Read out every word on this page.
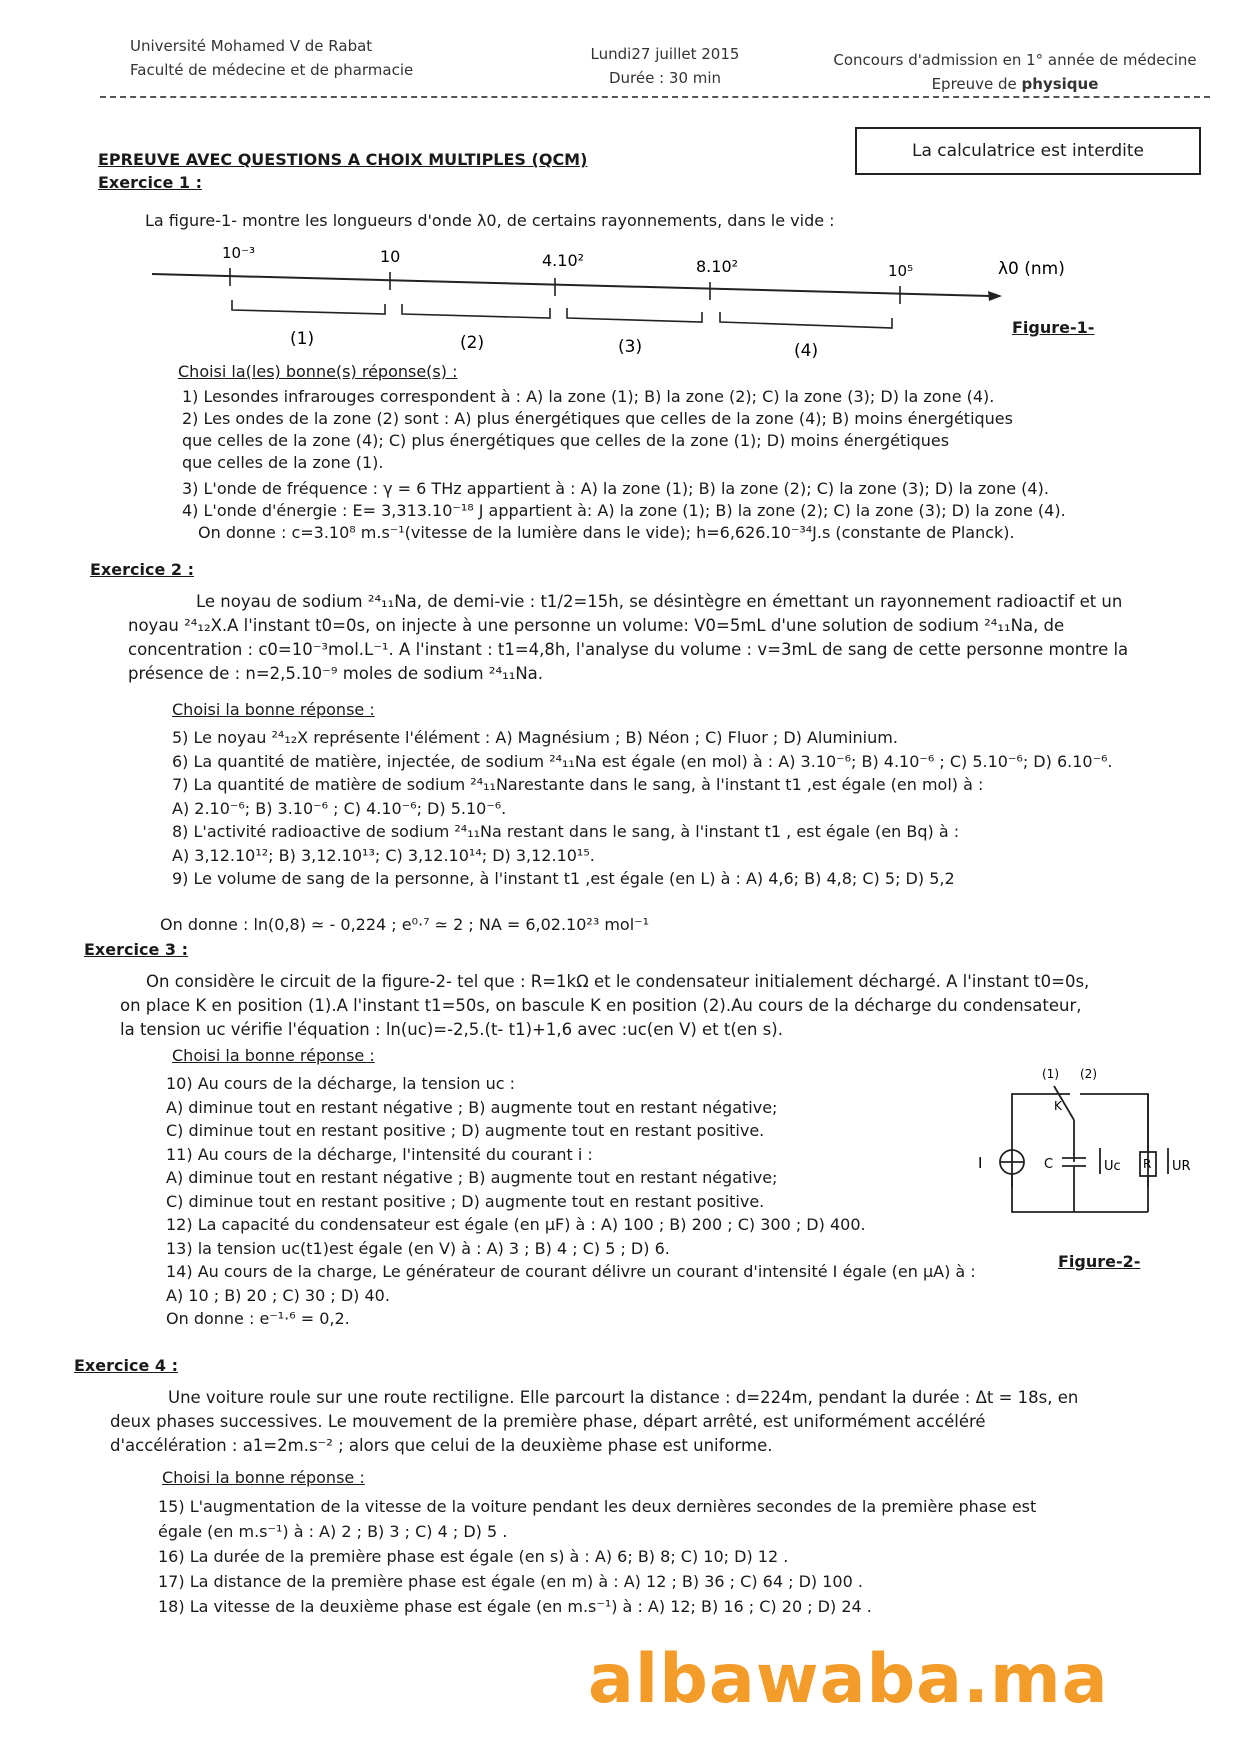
Université Mohamed V de Rabat
Faculté de médecine et de pharmacie
Lundi27 juillet 2015
Durée : 30 min
Concours d'admission en 1° année de médecine
Epreuve de physique
La calculatrice est interdite
EPREUVE AVEC QUESTIONS A CHOIX MULTIPLES (QCM)
Exercice 1 :
La figure-1- montre les longueurs d'onde λ0, de certains rayonnements, dans le vide :
10⁻³	10	4.10²	8.10²	10⁵	λ0 (nm)
(1)	(2)	(3)	(4)
Figure-1-
Choisi la(les) bonne(s) réponse(s) :
1) Lesondes infrarouges correspondent à : A) la zone (1); B) la zone (2); C) la zone (3); D) la zone (4).
2) Les ondes de la zone (2) sont : A) plus énergétiques que celles de la zone (4); B) moins énergétiques
que celles de la zone (4); C) plus énergétiques que celles de la zone (1); D) moins énergétiques
que celles de la zone (1).
3) L'onde de fréquence : γ = 6 THz appartient à : A) la zone (1); B) la zone (2); C) la zone (3); D) la zone (4).
4) L'onde d'énergie : E= 3,313.10⁻¹⁸ J appartient à: A) la zone (1); B) la zone (2); C) la zone (3); D) la zone (4).
On donne : c=3.10⁸ m.s⁻¹(vitesse de la lumière dans le vide); h=6,626.10⁻³⁴J.s (constante de Planck).
Exercice 2 :
Le noyau de sodium ²⁴₁₁Na, de demi-vie : t1/2=15h, se désintègre en émettant un rayonnement radioactif et un
noyau ²⁴₁₂X.A l'instant t0=0s, on injecte à une personne un volume: V0=5mL d'une solution de sodium ²⁴₁₁Na, de
concentration : c0=10⁻³mol.L⁻¹. A l'instant : t1=4,8h, l'analyse du volume : v=3mL de sang de cette personne montre la
présence de : n=2,5.10⁻⁹ moles de sodium ²⁴₁₁Na.
Choisi la bonne réponse :
5) Le noyau ²⁴₁₂X représente l'élément : A) Magnésium ; B) Néon ; C) Fluor ; D) Aluminium.
6) La quantité de matière, injectée, de sodium ²⁴₁₁Na est égale (en mol) à : A) 3.10⁻⁶; B) 4.10⁻⁶ ; C) 5.10⁻⁶; D) 6.10⁻⁶.
7) La quantité de matière de sodium ²⁴₁₁Narestante dans le sang, à l'instant t1 ,est égale (en mol) à :
A) 2.10⁻⁶; B) 3.10⁻⁶ ; C) 4.10⁻⁶; D) 5.10⁻⁶.
8) L'activité radioactive de sodium ²⁴₁₁Na restant dans le sang, à l'instant t1 , est égale (en Bq) à :
A) 3,12.10¹²; B) 3,12.10¹³; C) 3,12.10¹⁴; D) 3,12.10¹⁵.
9) Le volume de sang de la personne, à l'instant t1 ,est égale (en L) à : A) 4,6; B) 4,8; C) 5; D) 5,2
On donne : ln(0,8) ≃ - 0,224 ; e⁰·⁷ ≃ 2 ; NA = 6,02.10²³ mol⁻¹
Exercice 3 :
On considère le circuit de la figure-2- tel que : R=1kΩ et le condensateur initialement déchargé. A l'instant t0=0s,
on place K en position (1).A l'instant t1=50s, on bascule K en position (2).Au cours de la décharge du condensateur,
la tension uc vérifie l'équation : ln(uc)=-2,5.(t- t1)+1,6 avec :uc(en V) et t(en s).
Choisi la bonne réponse :
10) Au cours de la décharge, la tension uc :
A) diminue tout en restant négative ; B) augmente tout en restant négative;
C) diminue tout en restant positive ; D) augmente tout en restant positive.
11) Au cours de la décharge, l'intensité du courant i :
A) diminue tout en restant négative ; B) augmente tout en restant négative;
C) diminue tout en restant positive ; D) augmente tout en restant positive.
12) La capacité du condensateur est égale (en μF) à : A) 100 ; B) 200 ; C) 300 ; D) 400.
13) la tension uc(t1)est égale (en V) à : A) 3 ; B) 4 ; C) 5 ; D) 6.
14) Au cours de la charge, Le générateur de courant délivre un courant d'intensité I égale (en μA) à :
A) 10 ; B) 20 ; C) 30 ; D) 40.
On donne : e⁻¹·⁶ = 0,2.
(1) (2)
K
I	C	Uc R UR
Figure-2-
Exercice 4 :
Une voiture roule sur une route rectiligne. Elle parcourt la distance : d=224m, pendant la durée : Δt = 18s, en
deux phases successives. Le mouvement de la première phase, départ arrêté, est uniformément accéléré
d'accélération : a1=2m.s⁻² ; alors que celui de la deuxième phase est uniforme.
Choisi la bonne réponse :
15) L'augmentation de la vitesse de la voiture pendant les deux dernières secondes de la première phase est
égale (en m.s⁻¹) à : A) 2 ; B) 3 ; C) 4 ; D) 5 .
16) La durée de la première phase est égale (en s) à : A) 6; B) 8; C) 10; D) 12 .
17) La distance de la première phase est égale (en m) à : A) 12 ; B) 36 ; C) 64 ; D) 100 .
18) La vitesse de la deuxième phase est égale (en m.s⁻¹) à : A) 12; B) 16 ; C) 20 ; D) 24 .
albawaba.ma
